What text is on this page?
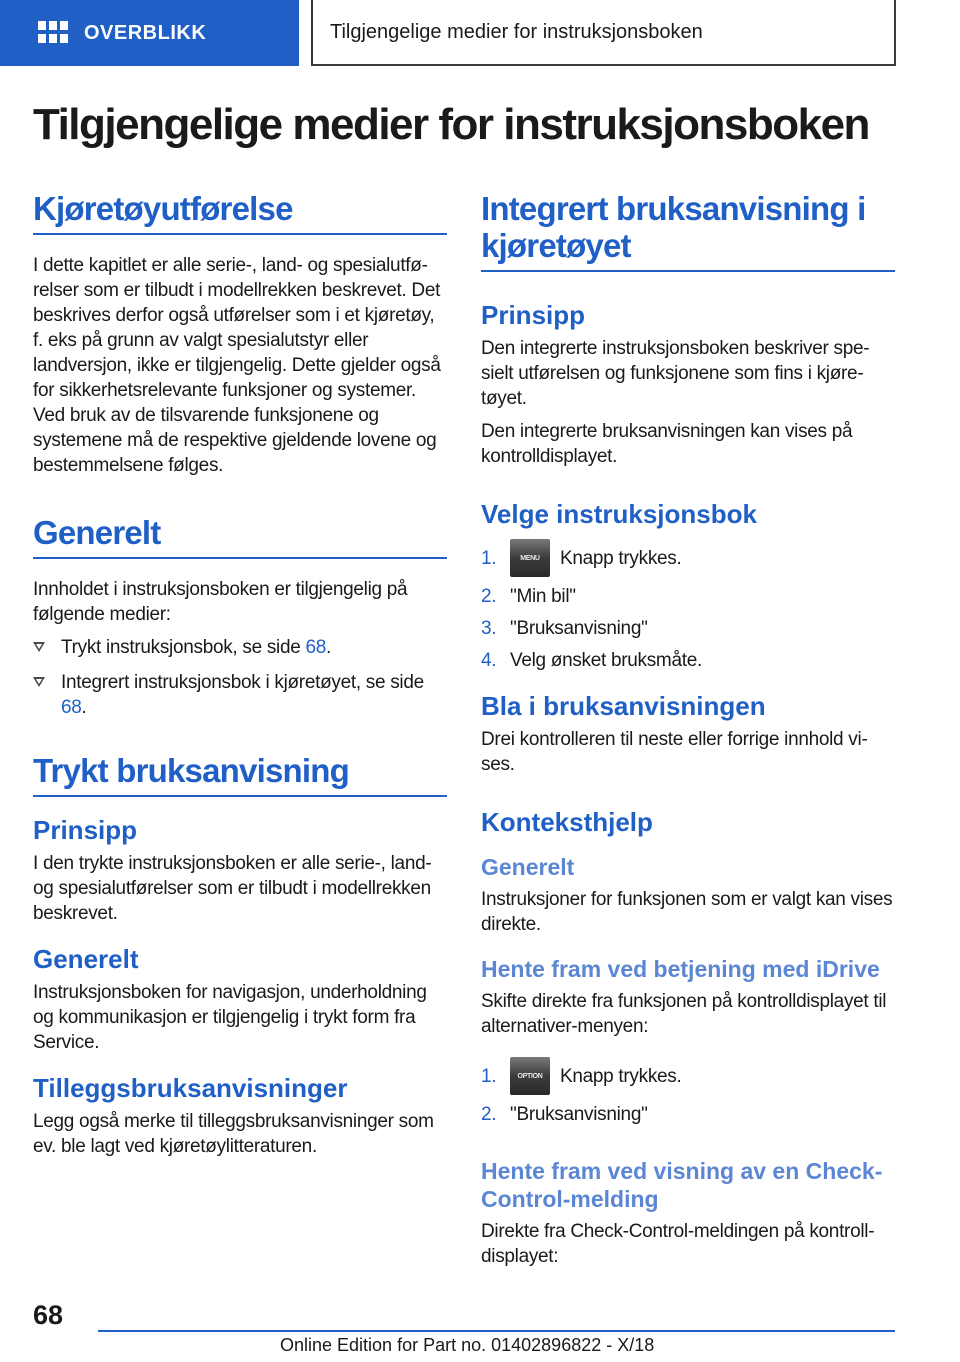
OVERBLIKK	Tilgjengelige medier for instruksjonsboken
Tilgjengelige medier for instruksjonsboken
Kjøretøyutførelse

I dette kapitlet er alle serie-, land- og spesialutførelser som er tilbudt i modellrekken beskrevet. Det beskrives derfor også utførelser som i et kjøretøy, f. eks på grunn av valgt spesialutstyr eller landversjon, ikke er tilgjengelig. Dette gjelder også for sikkerhetsrelevante funksjoner og systemer. Ved bruk av de tilsvarende funksjonene og systemene må de respektive gjeldende lovene og bestemmelsene følges.

Generelt

Innholdet i instruksjonsboken er tilgjengelig på følgende medier:

Trykt instruksjonsbok, se side 68.
Integrert instruksjonsbok i kjøretøyet, se side 68.
Trykt bruksanvisning
Prinsipp

I den trykte instruksjonsboken er alle serie-, land- og spesialutførelser som er tilbudt i modellrekken beskrevet.

Generelt

Instruksjonsboken for navigasjon, underholdning og kommunikasjon er tilgjengelig i trykt form fra Service.

Tilleggsbruksanvisninger

Legg også merke til tilleggsbruksanvisninger som ev. ble lagt ved kjøretøylitteraturen.

Integrert bruksanvisning i kjøretøyet
Prinsipp

Den integrerte instruksjonsboken beskriver spesielt utførelsen og funksjonene som fins i kjøretøyet.

Den integrerte bruksanvisningen kan vises på kontrolldisplayet.

Velge instruksjonsbok
1.	MENU	Knapp trykkes.
2. "Min bil"
3. "Bruksanvisning"
4. Velg ønsket bruksmåte.
Bla i bruksanvisningen

Drei kontrolleren til neste eller forrige innhold vises.

Konteksthjelp
Generelt

Instruksjoner for funksjonen som er valgt kan vises direkte.

Hente fram ved betjening med iDrive

Skifte direkte fra funksjonen på kontrolldisplayet til alternativer-menyen:

1.	OPTION Knapp trykkes.
2. "Bruksanvisning"
Hente fram ved visning av en Check-Control-melding

Direkte fra Check-Control-meldingen på kontrolldisplayet:

68
Online Edition for Part no. 01402896822 - X/18
